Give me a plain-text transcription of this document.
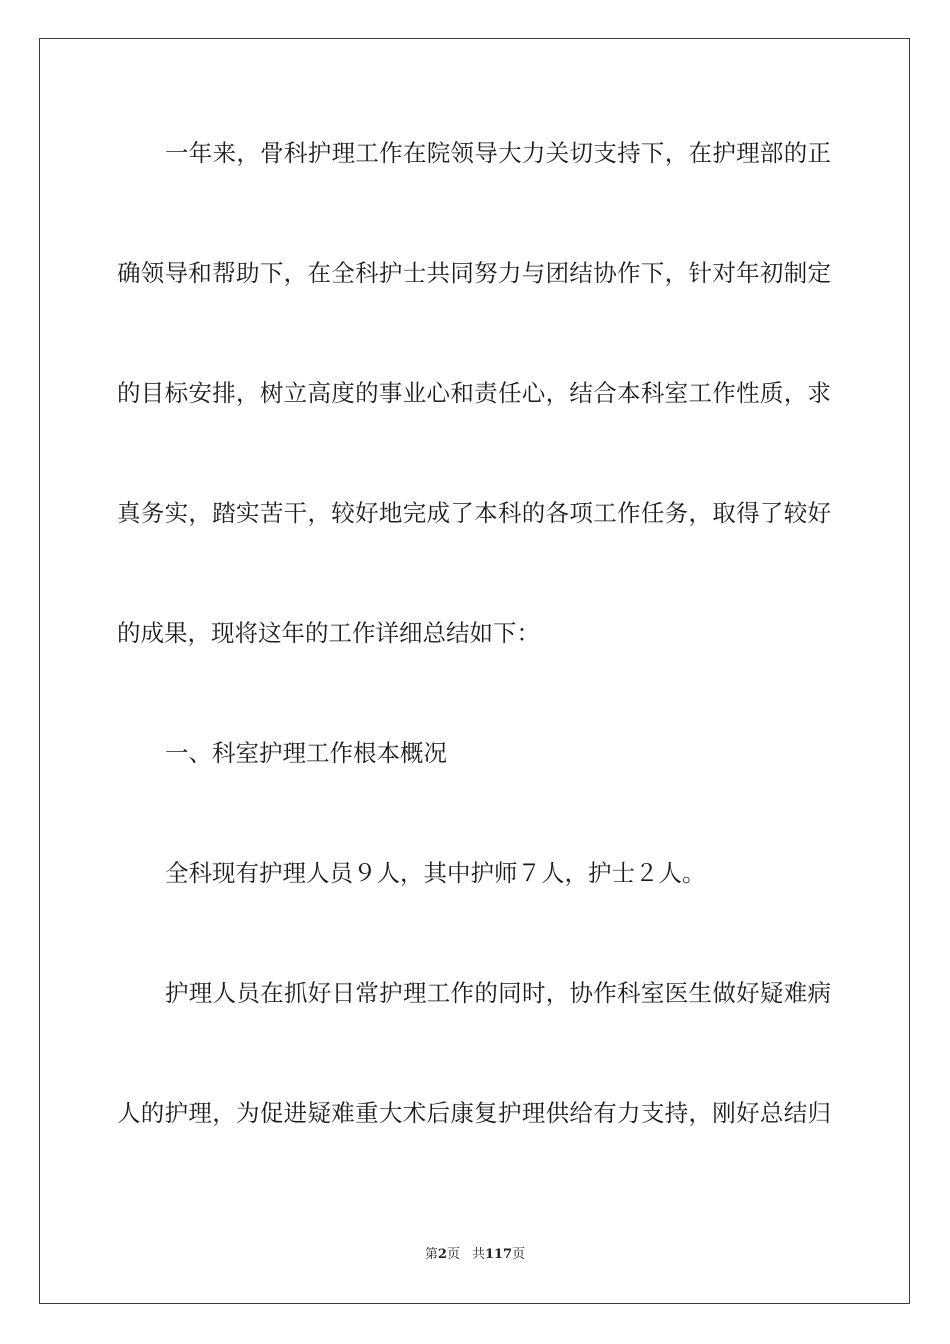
一年来，骨科护理工作在院领导大力关切支持下，在护理部的正
确领导和帮助下，在全科护士共同努力与团结协作下，针对年初制定
的目标安排，树立高度的事业心和责任心，结合本科室工作性质，求
真务实，踏实苦干，较好地完成了本科的各项工作任务，取得了较好
的成果，现将这年的工作详细总结如下：
一、科室护理工作根本概况
全科现有护理人员９人，其中护师７人，护士２人。
护理人员在抓好日常护理工作的同时，协作科室医生做好疑难病
人的护理，为促进疑难重大术后康复护理供给有力支持，刚好总结归
第2页 共117页
